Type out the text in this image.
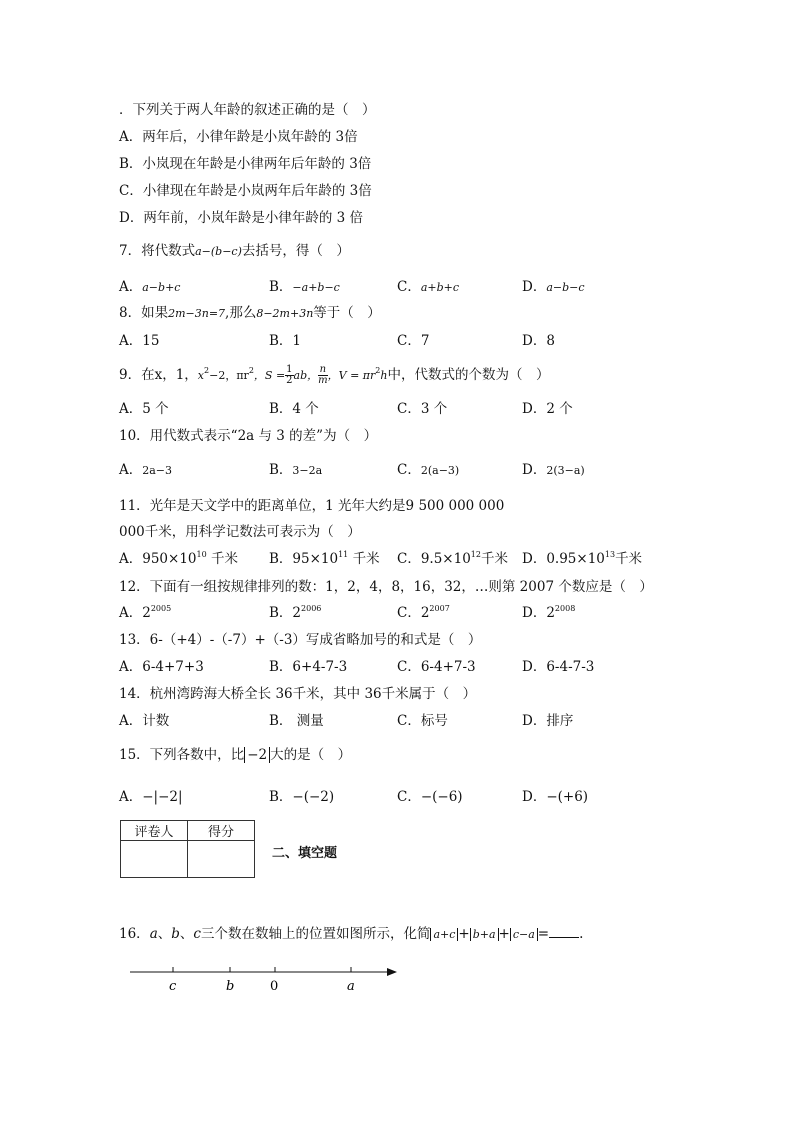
．下列关于两人年龄的叙述正确的是（　）
A．两年后，小律年龄是小岚年龄的 3倍
B．小岚现在年龄是小律两年后年龄的 3倍
C．小律现在年龄是小岚两年后年龄的 3倍
D．两年前，小岚年龄是小律年龄的 3 倍
7．将代数式a−(b−c)去括号，得（　）
A．a−b+c	B．−a+b−c	C．a+b+c	D．a−b−c
8．如果2m−3n=7,那么8−2m+3n等于（　）
A．15	B．1	C．7	D．8
9．在x，1，$x^2-2$，$\pi r^2$，$S = \frac{1}{2}$ ab， $\frac{n}{m}$ ，$V = \pi r^2h$中，代数式的个数为（　）
A．5 个	B．4 个	C．3 个	D．2 个
10．用代数式表示“2a 与 3 的差”为（　）
A．2a−3	B．3−2a	C．2(a−3)	D．2(3−a)
11．光年是天文学中的距离单位，1 光年大约是9 500 000 000
000千米，用科学记数法可表示为（　）
A．$950\times 10^{10}$ 千米 B．$95\times 10^{11}$ 千米 C．$9.5\times 10^{12}$千米 D．$0.95\times 10^{13}$千米
12．下面有一组按规律排列的数：1，2，4，8，16，32，…则第 2007 个数应是（　）
A．$2^{2005}$	B．$2^{2006}$	C．$2^{2007}$	D．$2^{2008}$
13．6-（+4）-（-7）+（-3）写成省略加号的和式是（　）
A．6-4+7+3	B．6+4-7-3	C．6-4+7-3	D．6-4-7-3
14．杭州湾跨海大桥全长 36千米，其中 36千米属于（　）
A．计数	B． 测量	C．标号	D．排序
15．下列各数中，比 −2 大的是（　）
A．−|−2|	B．−(−2)	C．−(−6)	D．−(+6)
评卷人	得分

二、填空题
16．a、b、c三个数在数轴上的位置如图所示，化简 a+c + b+a + c−a = .
c	b	0	a
